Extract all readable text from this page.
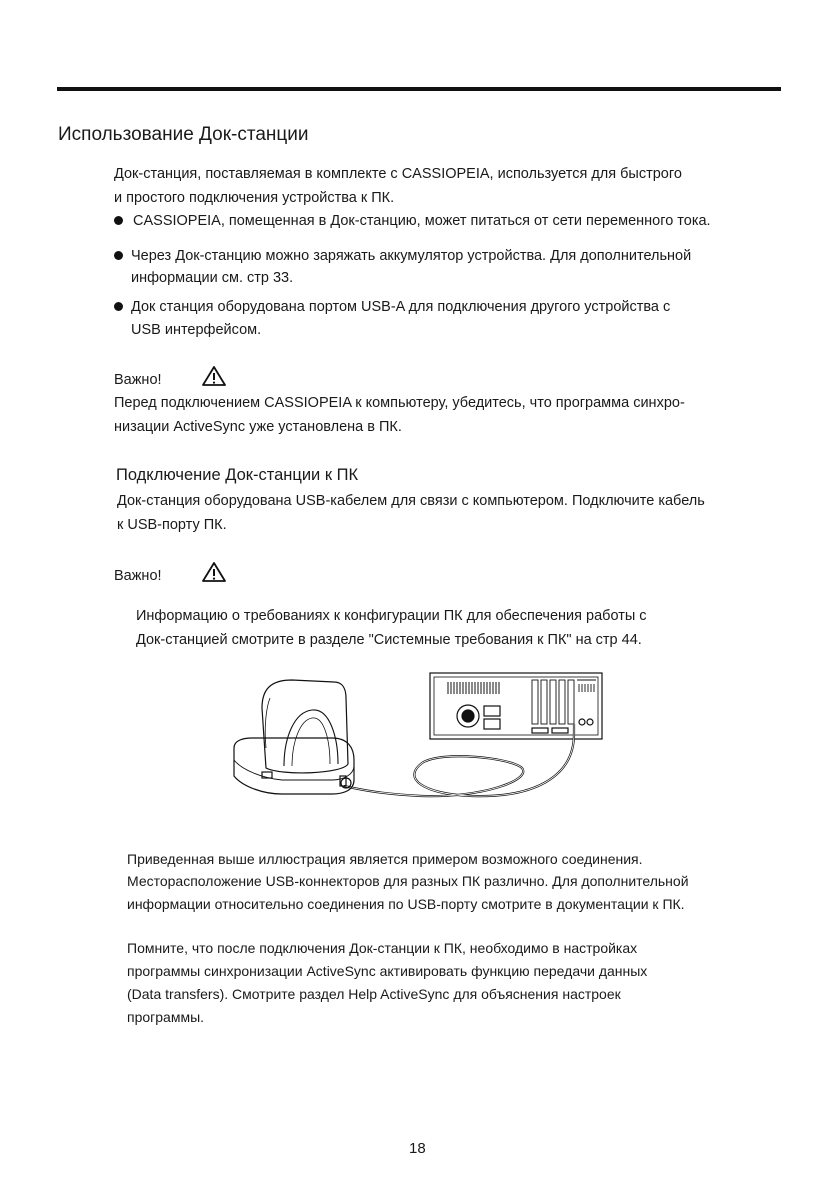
Использование Док-станции

Док-станция, поставляемая в комплекте с CASSIOPEIA, используется для быстрого

и простого подключения устройства к ПК.

CASSIOPEIA, помещенная в Док-станцию, может питаться от сети переменного тока.

Через Док-станцию можно заряжать аккумулятор устройства. Для дополнительной

информации см. стр 33.

Док станция оборудована портом USB-A для подключения другого устройства с

USB интерфейсом.

Важно!

Перед подключением CASSIOPEIA к компьютеру, убедитесь, что программа синхро-

низации ActiveSync уже установлена в ПК.

Подключение Док-станции к ПК

Док-станция оборудована USB-кабелем для связи с компьютером. Подключите кабель

к USB-порту ПК.

Важно!

Информацию о требованиях к конфигурации ПК для обеспечения работы с

Док-станцией смотрите в разделе "Системные требования к ПК" на стр 44.

Приведенная выше иллюстрация является примером возможного соединения.

Месторасположение USB-коннекторов для разных ПК различно. Для дополнительной

информации относительно соединения по USB-порту смотрите в документации к ПК.

Помните, что после подключения Док-станции к ПК, необходимо в настройках

программы синхронизации ActiveSync активировать функцию передачи данных

(Data transfers). Смотрите раздел Help ActiveSync для объяснения настроек

программы.

18
